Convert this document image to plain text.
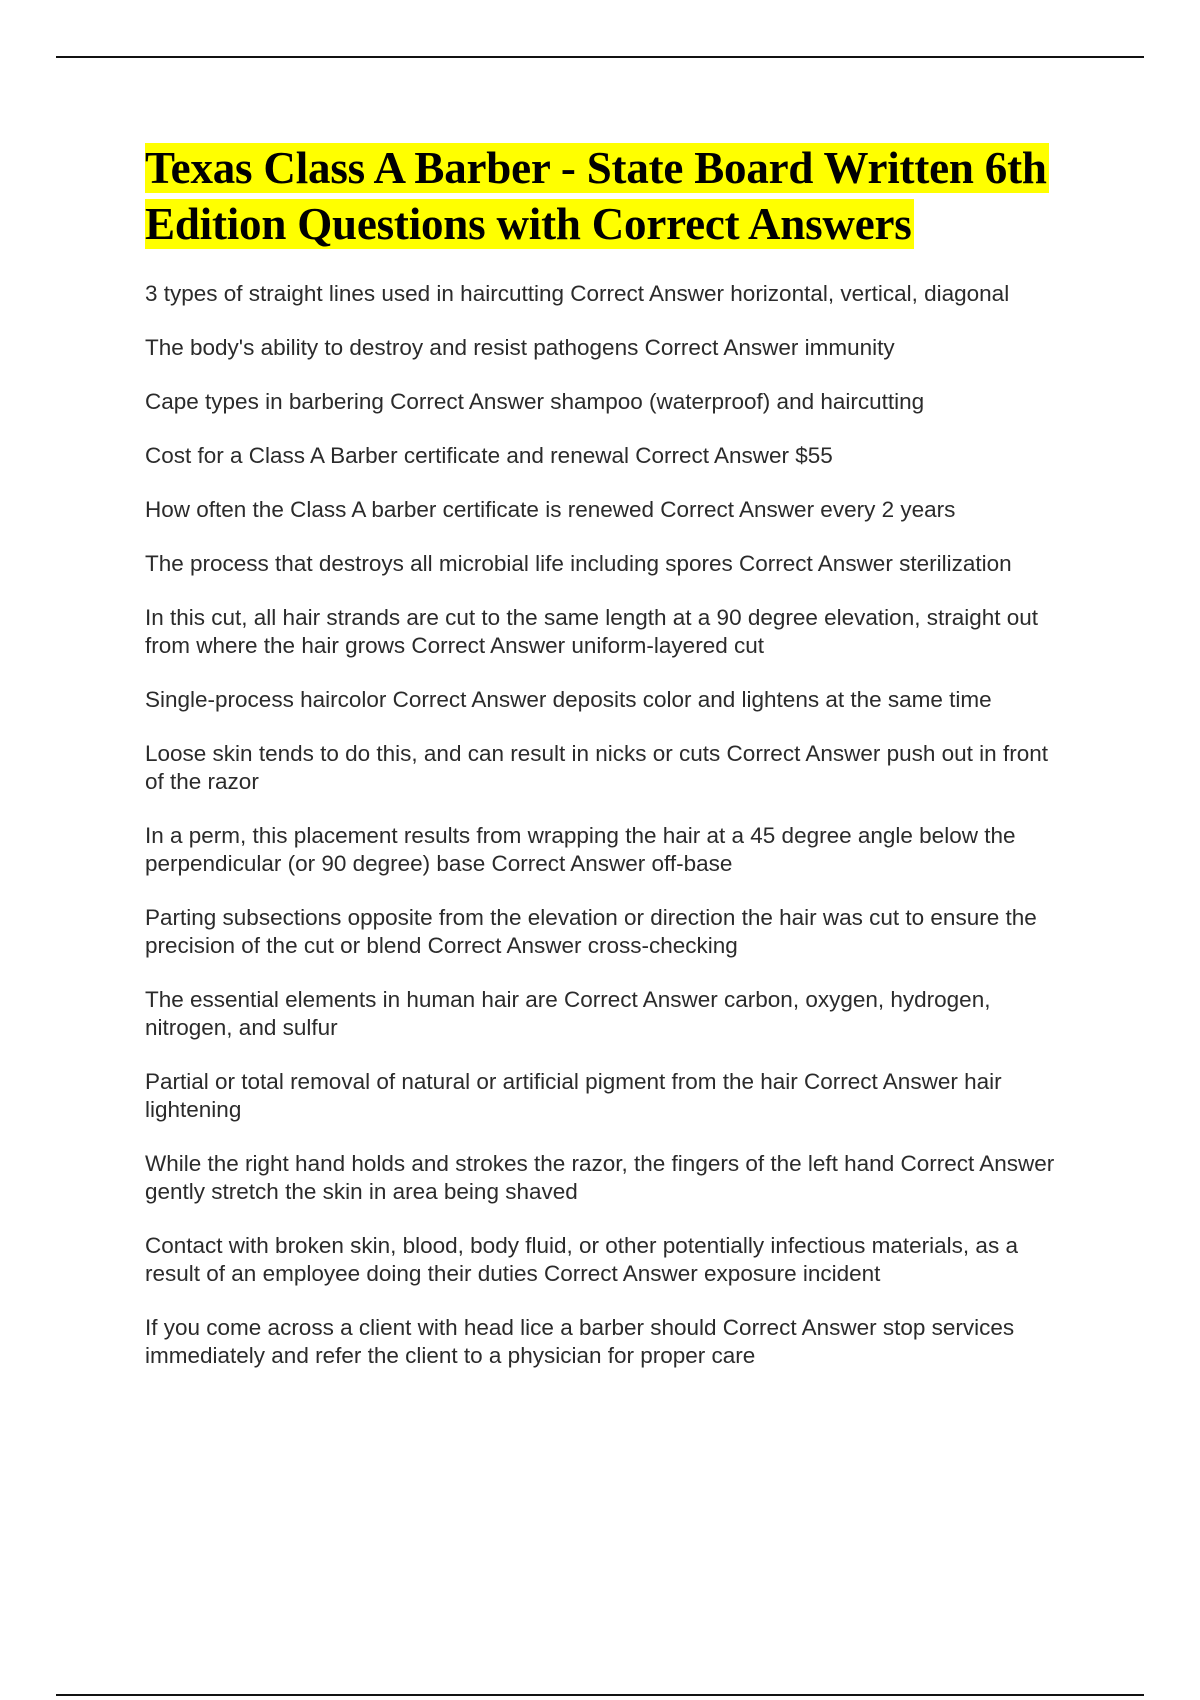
Texas Class A Barber - State Board Written 6th Edition Questions with Correct Answers
3 types of straight lines used in haircutting Correct Answer horizontal, vertical, diagonal
The body's ability to destroy and resist pathogens Correct Answer immunity
Cape types in barbering Correct Answer shampoo (waterproof) and haircutting
Cost for a Class A Barber certificate and renewal Correct Answer $55
How often the Class A barber certificate is renewed Correct Answer every 2 years
The process that destroys all microbial life including spores Correct Answer sterilization
In this cut, all hair strands are cut to the same length at a 90 degree elevation, straight out from where the hair grows Correct Answer uniform-layered cut
Single-process haircolor Correct Answer deposits color and lightens at the same time
Loose skin tends to do this, and can result in nicks or cuts Correct Answer push out in front of the razor
In a perm, this placement results from wrapping the hair at a 45 degree angle below the perpendicular (or 90 degree) base Correct Answer off-base
Parting subsections opposite from the elevation or direction the hair was cut to ensure the precision of the cut or blend Correct Answer cross-checking
The essential elements in human hair are Correct Answer carbon, oxygen, hydrogen, nitrogen, and sulfur
Partial or total removal of natural or artificial pigment from the hair Correct Answer hair lightening
While the right hand holds and strokes the razor, the fingers of the left hand Correct Answer gently stretch the skin in area being shaved
Contact with broken skin, blood, body fluid, or other potentially infectious materials, as a result of an employee doing their duties Correct Answer exposure incident
If you come across a client with head lice a barber should Correct Answer stop services immediately and refer the client to a physician for proper care
